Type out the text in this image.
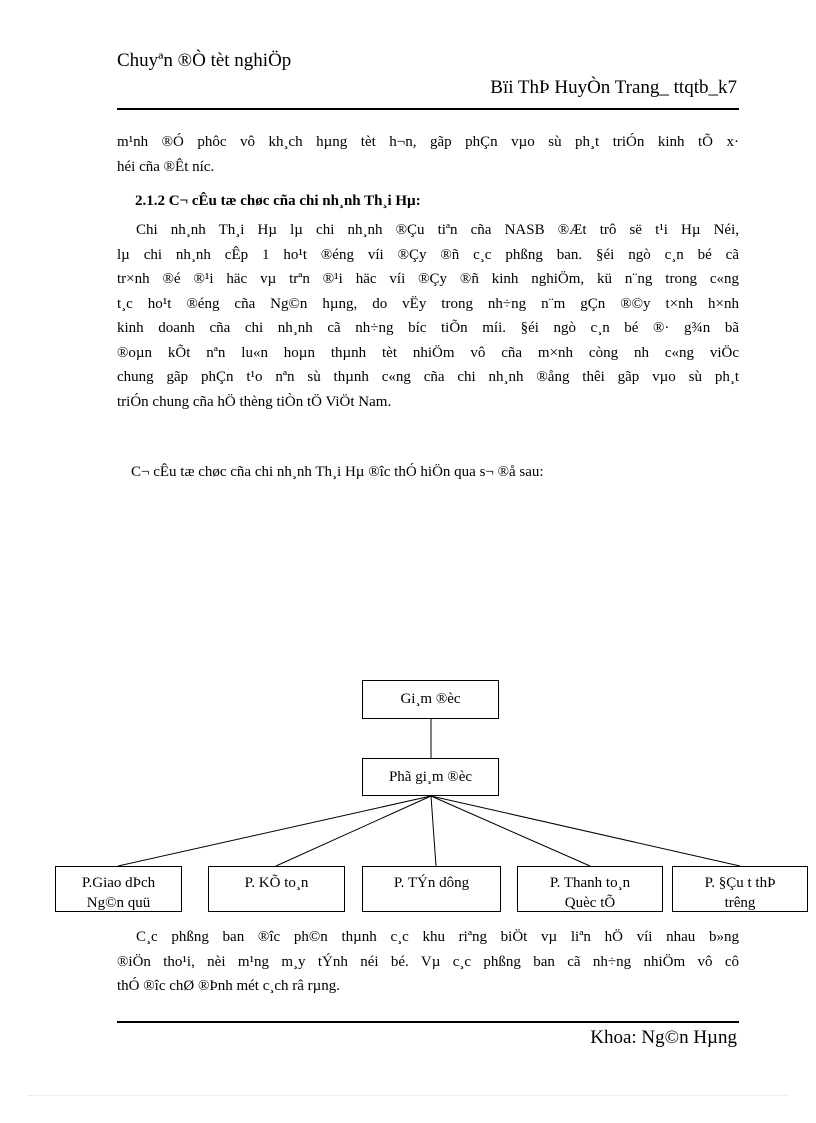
Chuyªn ®Ò tèt nghiÖp
Bïi ThÞ HuyÒn Trang_ ttqtb_k7
m¹nh ®Ó phôc vô kh¸ch hµng tèt h¬n, gãp phÇn vµo sù ph¸t triÓn kinh tÕ x·
héi cña ®Êt níc.
2.1.2 C¬ cÊu tæ chøc cña chi nh¸nh Th¸i Hµ:
Chi nh¸nh Th¸i Hµ lµ chi nh¸nh ®Çu tiªn cña NASB ®Æt trô së t¹i Hµ Néi,
lµ chi nh¸nh cÊp 1 ho¹t ®éng víi ®Çy ®ñ c¸c phßng ban. §éi ngò c¸n bé cã
tr×nh ®é ®¹i häc vµ trªn ®¹i häc víi ®Çy ®ñ kinh nghiÖm, kü n¨ng trong c«ng
t¸c ho¹t ®éng cña Ng©n hµng, do vËy trong nh÷ng n¨m gÇn ®©y t×nh h×nh
kinh doanh cña chi nh¸nh cã nh÷ng bíc tiÕn míi. §éi ngò c¸n bé ®· g¾n bã
®oµn kÕt nªn lu«n hoµn thµnh tèt nhiÖm vô cña m×nh còng nh c«ng viÖc
chung gãp phÇn t¹o nªn sù thµnh c«ng cña chi nh¸nh ®ång thêi gãp vµo sù ph¸t
triÓn chung cña hÖ thèng tiÒn tÖ ViÖt Nam.
C¬ cÊu tæ chøc cña chi nh¸nh Th¸i Hµ ®îc thÓ hiÖn qua s¬ ®å sau:
Gi¸m ®èc
Phã gi¸m ®èc
P.Giao dÞch
Ng©n quü
P. KÕ to¸n	P. TÝn dông	P. Thanh to¸n
Quèc tÕ
P. §Çu t thÞ
trêng
C¸c phßng ban ®îc ph©n thµnh c¸c khu riªng biÖt vµ liªn hÖ víi nhau b»ng
®iÖn tho¹i, nèi m¹ng m¸y tÝnh néi bé. Vµ c¸c phßng ban cã nh÷ng nhiÖm vô cô
thÓ ®îc chØ ®Þnh mét c¸ch râ rµng.
Khoa: Ng©n Hµng
